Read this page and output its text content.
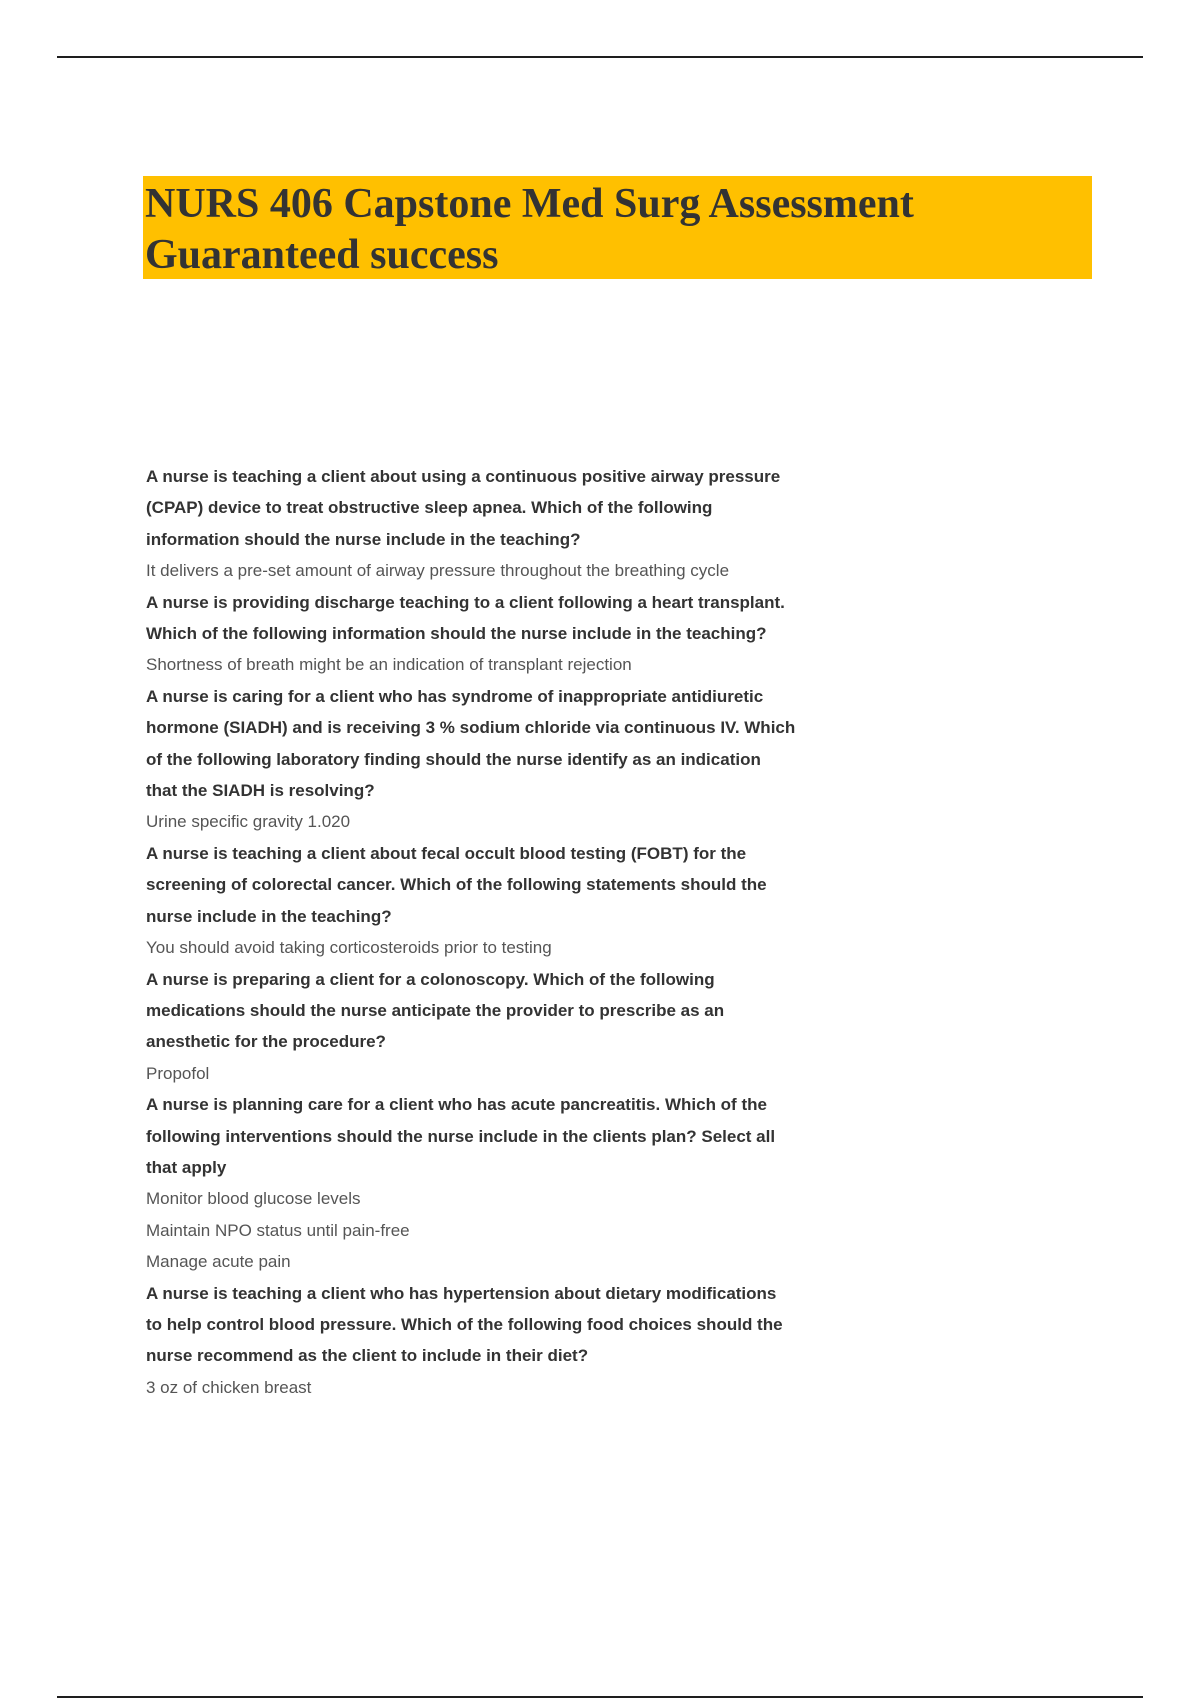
NURS 406 Capstone Med Surg Assessment Guaranteed success

A nurse is teaching a client about using a continuous positive airway pressure (CPAP) device to treat obstructive sleep apnea. Which of the following information should the nurse include in the teaching?

It delivers a pre-set amount of airway pressure throughout the breathing cycle

A nurse is providing discharge teaching to a client following a heart transplant. Which of the following information should the nurse include in the teaching?

Shortness of breath might be an indication of transplant rejection

A nurse is caring for a client who has syndrome of inappropriate antidiuretic hormone (SIADH) and is receiving 3 % sodium chloride via continuous IV. Which of the following laboratory finding should the nurse identify as an indication that the SIADH is resolving?

Urine specific gravity 1.020

A nurse is teaching a client about fecal occult blood testing (FOBT) for the screening of colorectal cancer. Which of the following statements should the nurse include in the teaching?

You should avoid taking corticosteroids prior to testing

A nurse is preparing a client for a colonoscopy. Which of the following medications should the nurse anticipate the provider to prescribe as an anesthetic for the procedure?

Propofol

A nurse is planning care for a client who has acute pancreatitis. Which of the following interventions should the nurse include in the clients plan? Select all that apply

Monitor blood glucose levels

Maintain NPO status until pain-free

Manage acute pain

A nurse is teaching a client who has hypertension about dietary modifications to help control blood pressure. Which of the following food choices should the nurse recommend as the client to include in their diet?

3 oz of chicken breast
